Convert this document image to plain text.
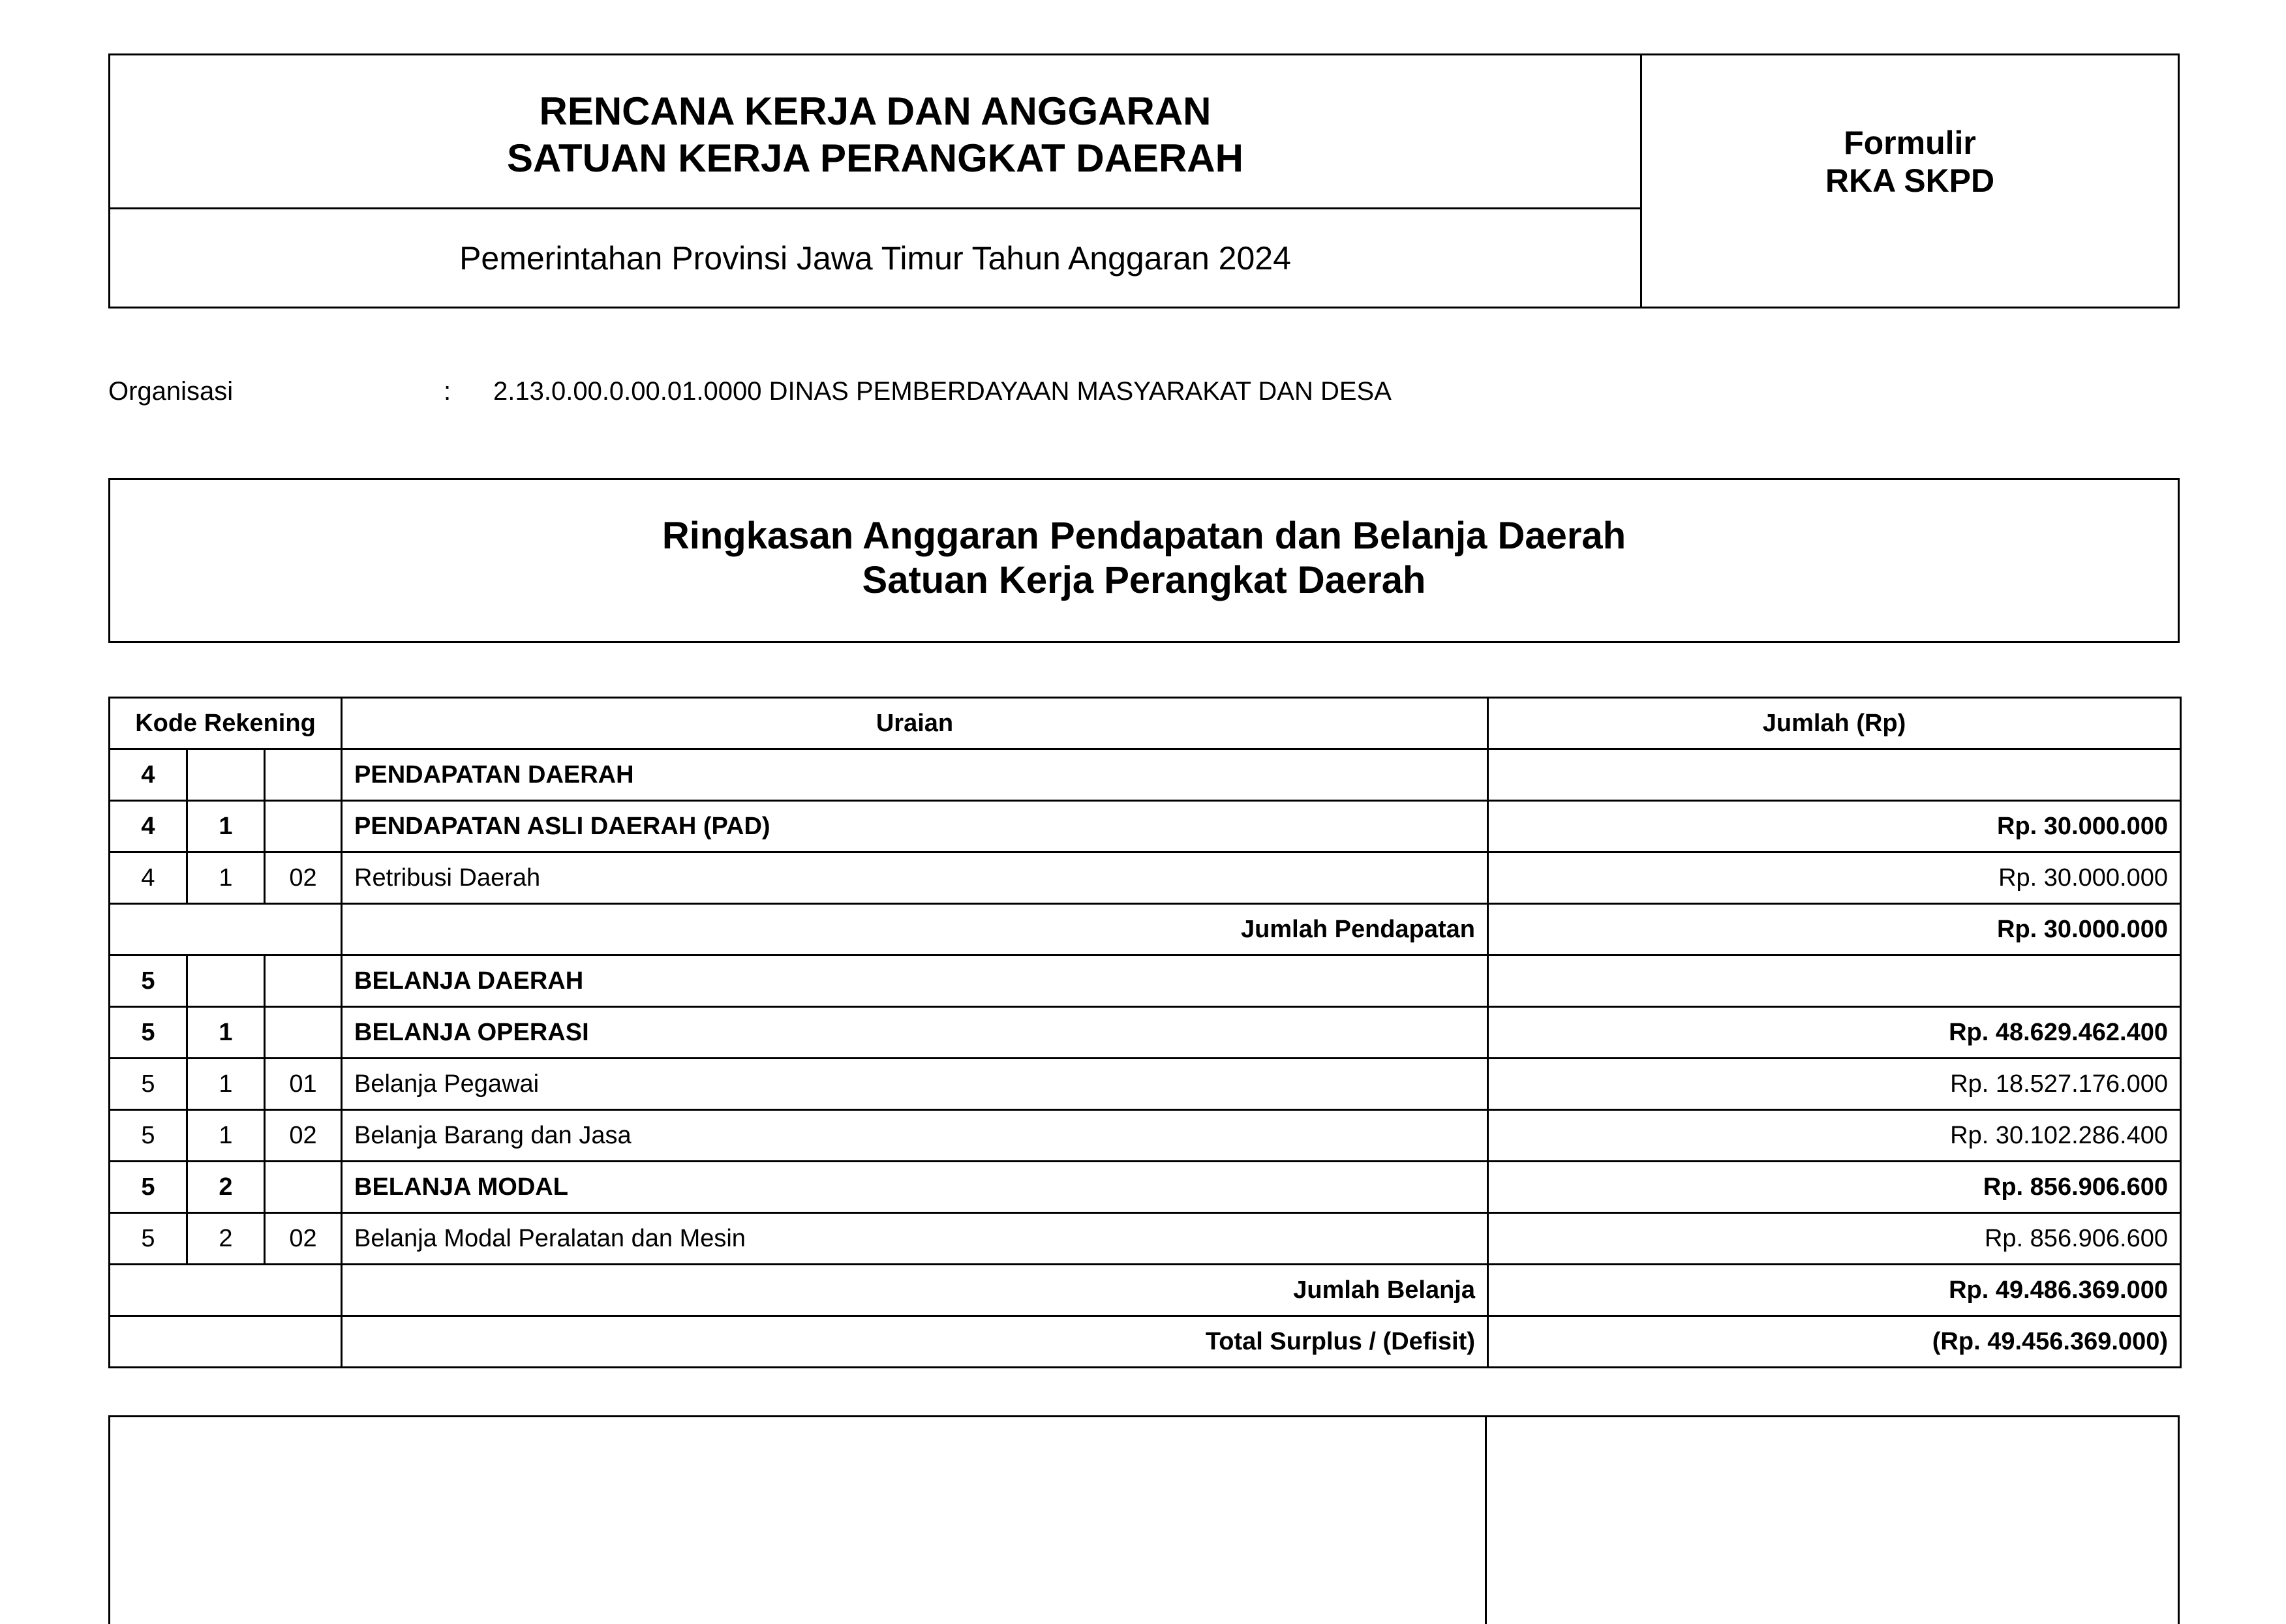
RENCANA KERJA DAN ANGGARAN
SATUAN KERJA PERANGKAT DAERAH
Pemerintahan Provinsi Jawa Timur Tahun Anggaran 2024
Formulir
RKA SKPD
Organisasi	: 2.13.0.00.0.00.01.0000 DINAS PEMBERDAYAAN MASYARAKAT DAN DESA
Ringkasan Anggaran Pendapatan dan Belanja Daerah
Satuan Kerja Perangkat Daerah
Kode Rekening			Uraian	Jumlah (Rp)
4			PENDAPATAN DAERAH	
4	1		PENDAPATAN ASLI DAERAH (PAD)	Rp. 30.000.000
4	1	02	Retribusi Daerah	Rp. 30.000.000
			Jumlah Pendapatan	Rp. 30.000.000
5			BELANJA DAERAH	
5	1		BELANJA OPERASI	Rp. 48.629.462.400
5	1	01	Belanja Pegawai	Rp. 18.527.176.000
5	1	02	Belanja Barang dan Jasa	Rp. 30.102.286.400
5	2		BELANJA MODAL	Rp. 856.906.600
5	2	02	Belanja Modal Peralatan dan Mesin	Rp. 856.906.600
			Jumlah Belanja	Rp. 49.486.369.000
			Total Surplus / (Defisit)	(Rp. 49.456.369.000)
